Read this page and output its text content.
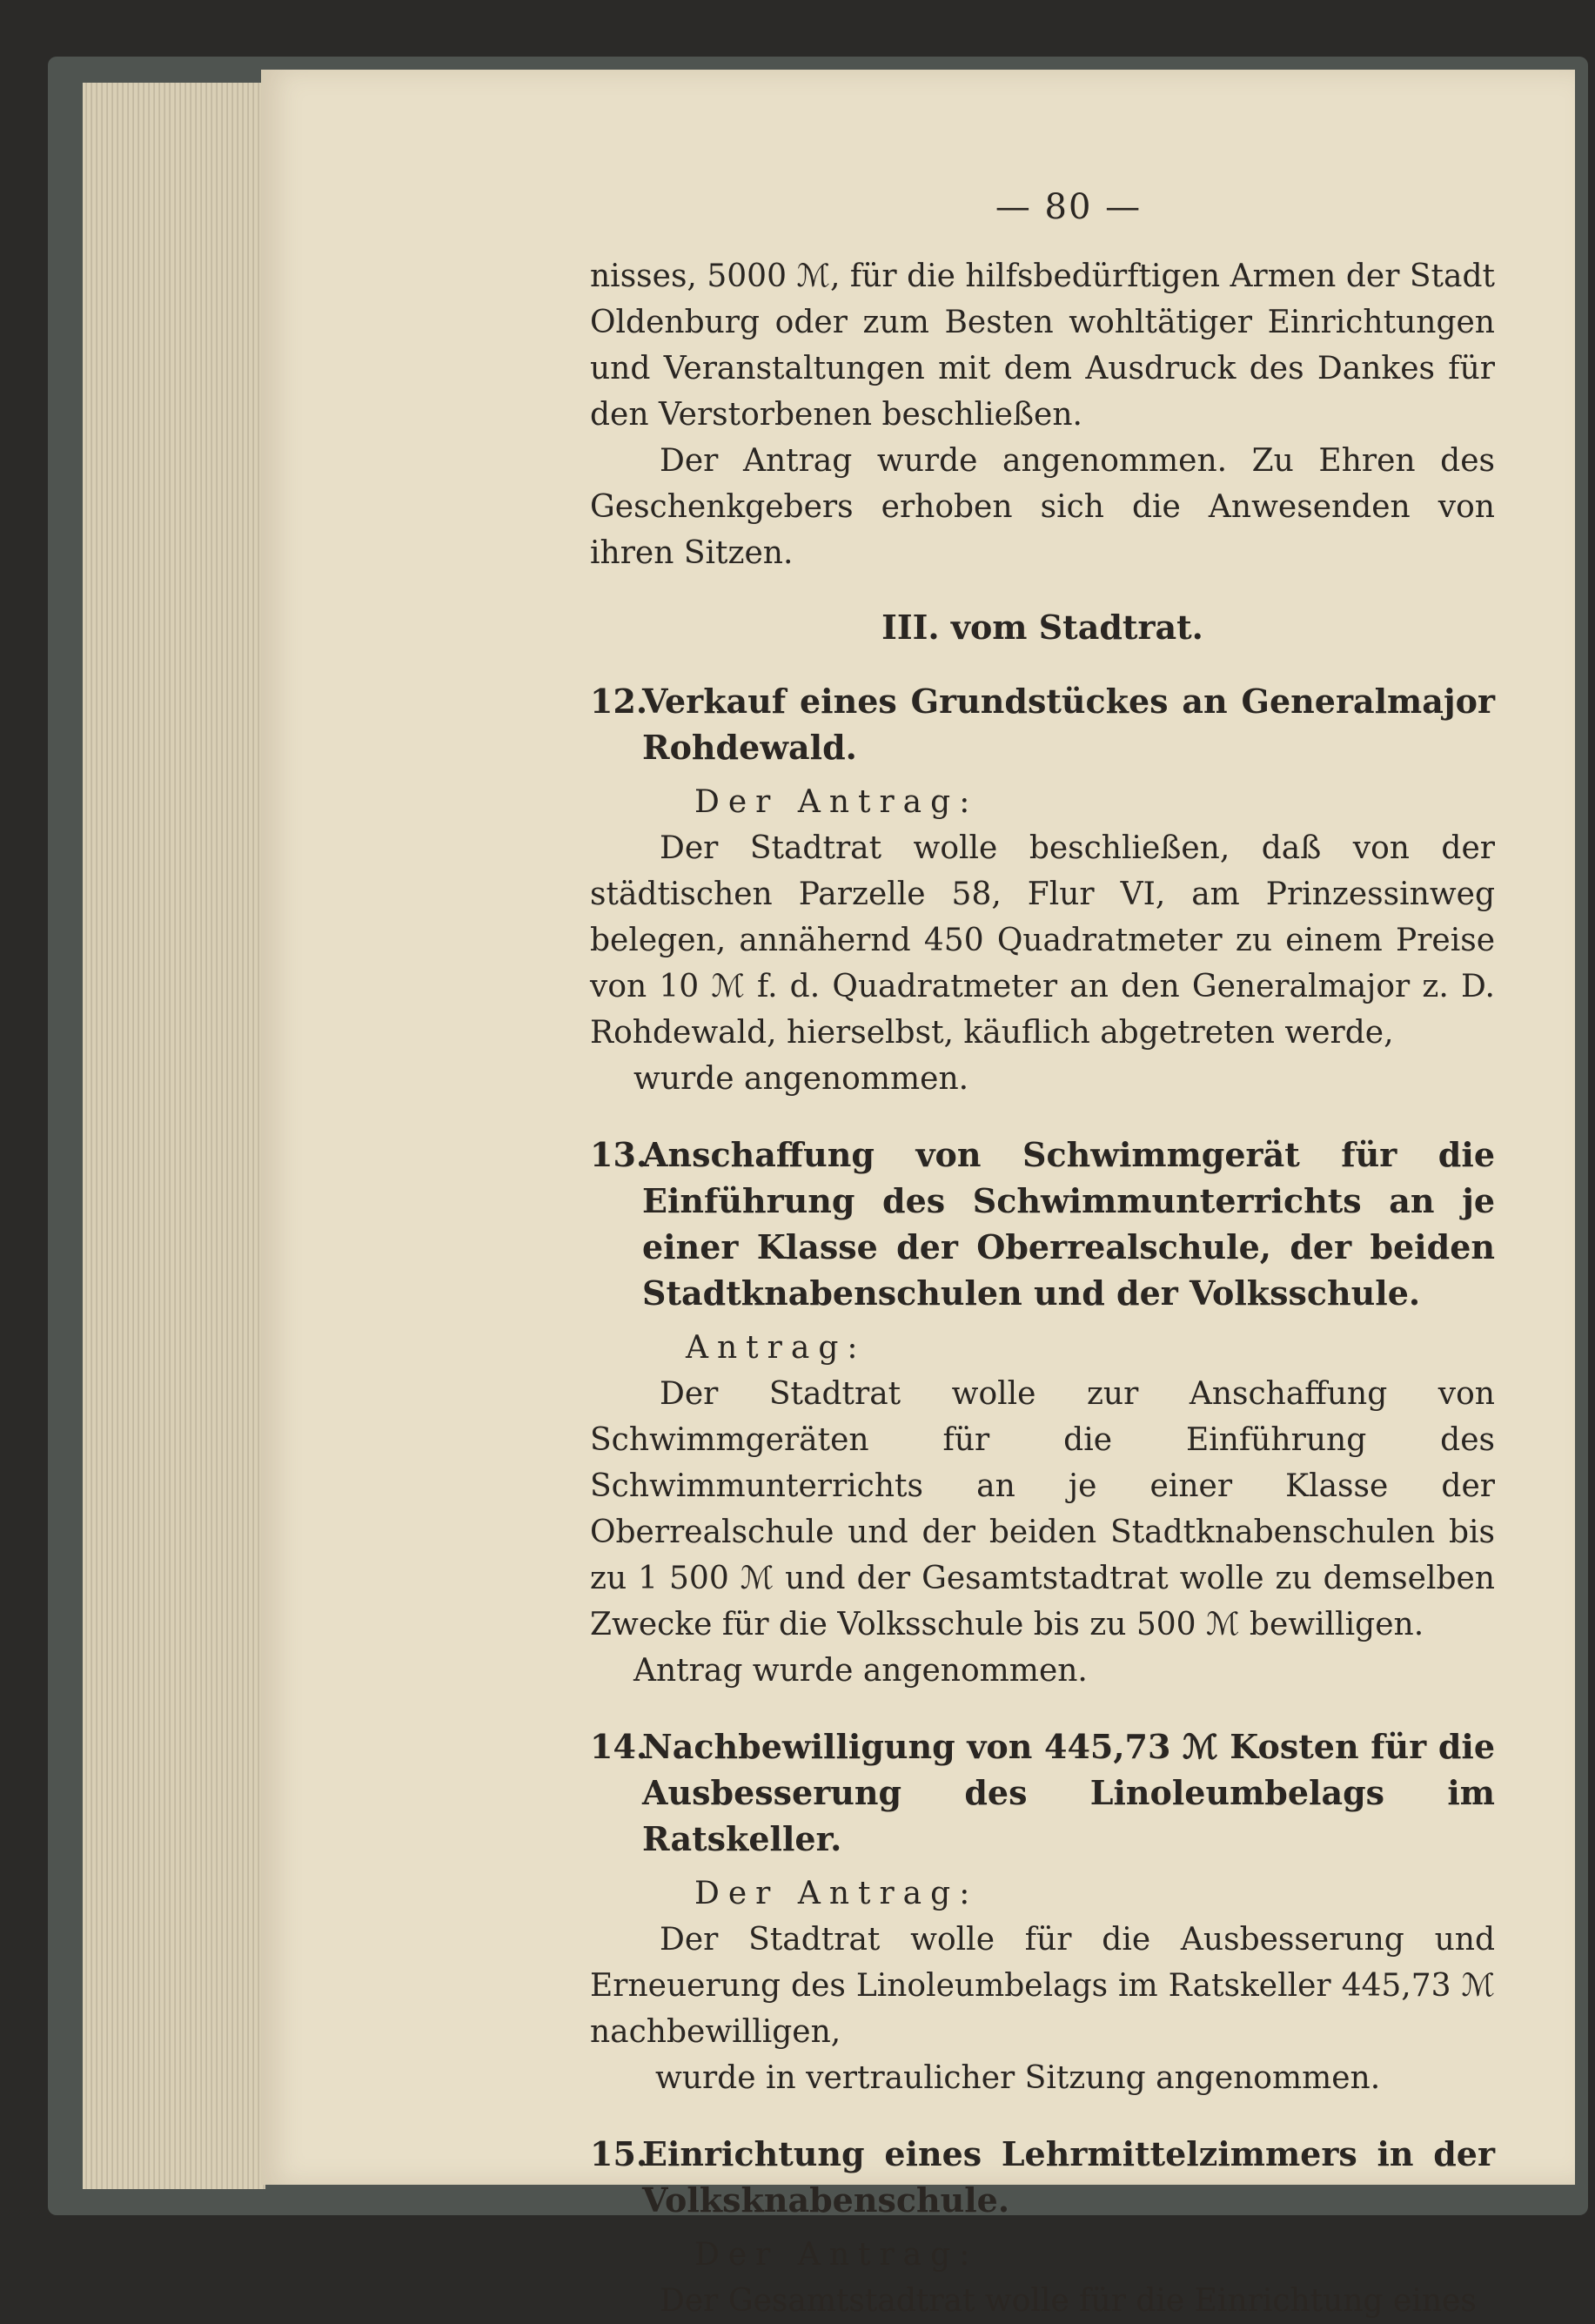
— 80 —

nisses, 5000 ℳ, für die hilfsbedürftigen Armen der Stadt Oldenburg oder zum Besten wohltätiger Einrichtungen und Veranstaltungen mit dem Ausdruck des Dankes für den Verstorbenen beschließen.

Der Antrag wurde angenommen. Zu Ehren des Geschenkgebers erhoben sich die Anwesenden von ihren Sitzen.

III. vom Stadtrat.
12.
Verkauf eines Grundstückes an Generalmajor Rohdewald.
Der Antrag:

Der Stadtrat wolle beschließen, daß von der städtischen Parzelle 58, Flur VI, am Prinzessinweg belegen, annähernd 450 Quadratmeter zu einem Preise von 10 ℳ f. d. Quadratmeter an den Generalmajor z. D. Rohdewald, hierselbst, käuflich abgetreten werde,

wurde angenommen.

13.
Anschaffung von Schwimmgerät für die Einführung des Schwimmunterrichts an je einer Klasse der Oberrealschule, der beiden Stadtknabenschulen und der Volksschule.
Antrag:

Der Stadtrat wolle zur Anschaffung von Schwimmgeräten für die Einführung des Schwimmunterrichts an je einer Klasse der Oberrealschule und der beiden Stadtknabenschulen bis zu 1 500 ℳ und der Gesamtstadtrat wolle zu demselben Zwecke für die Volksschule bis zu 500 ℳ bewilligen.

Antrag wurde angenommen.

14.
Nachbewilligung von 445,73 ℳ Kosten für die Ausbesserung des Linoleumbelags im Ratskeller.
Der Antrag:

Der Stadtrat wolle für die Ausbesserung und Erneuerung des Linoleumbelags im Ratskeller 445,73 ℳ nachbewilligen,

wurde in vertraulicher Sitzung angenommen.

15.
Einrichtung eines Lehrmittelzimmers in der Volksknabenschule.
Der Antrag:

Der Gesamtstadtrat wolle für die Einrichtung eines
